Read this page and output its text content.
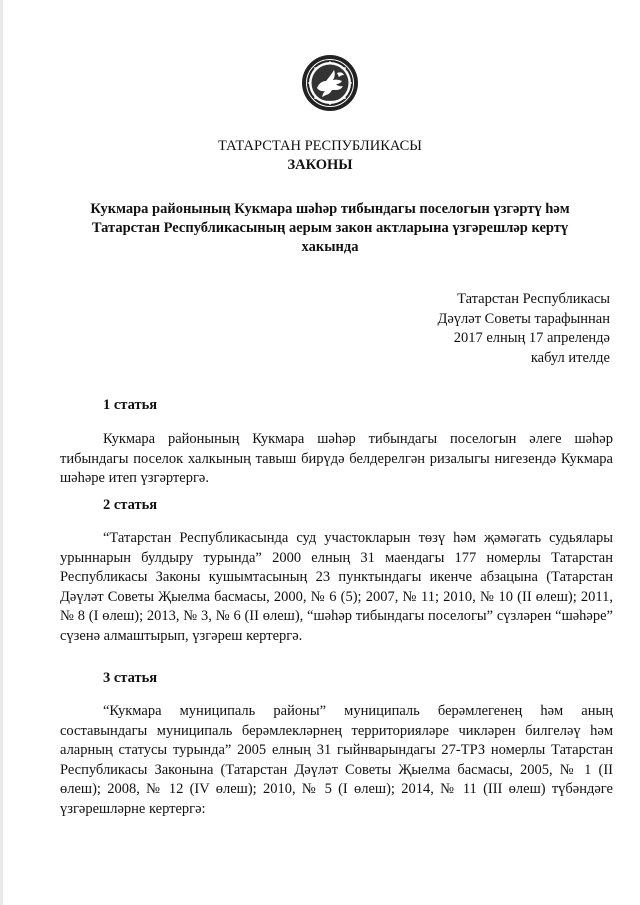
ТАТАРСТАН РЕСПУБЛИКАСЫ
ЗАКОНЫ
Кукмара районының Кукмара шәһәр тибындагы поселогын үзгәртү һәм
Татарстан Республикасының аерым закон актларына үзгәрешләр кертү
хакында
Татарстан Республикасы
Дәүләт Советы тарафыннан
2017 елның 17 апрелендә
кабул ителде
1 статья
Кукмара районының Кукмара шәһәр тибындагы поселогын әлеге шәһәр тибындагы поселок халкының тавыш бирүдә белдерелгән ризалыгы нигезендә Кукмара шәһәре итеп үзгәртергә.
2 статья
“Татарстан Республикасында суд участокларын төзү һәм җәмәгать судьялары урыннарын булдыру турында” 2000 елның 31 маендагы 177 номерлы Татарстан Республикасы Законы кушымтасының 23 пунктындагы икенче абзацына (Татарстан Дәүләт Советы Җыелма басмасы, 2000, № 6 (5); 2007, № 11; 2010, № 10 (II өлеш); 2011, № 8 (I өлеш); 2013, № 3, № 6 (II өлеш), “шәһәр тибындагы поселогы” сүзләрен “шәһәре” сүзенә алмаштырып, үзгәреш кертергә.
3 статья
“Кукмара муниципаль районы” муниципаль берәмлегенең һәм аның составындагы муниципаль берәмлекләрнең территорияләре чикләрен билгеләү һәм аларның статусы турында” 2005 елның 31 гыйнварындагы 27-ТРЗ номерлы Татарстан Республикасы Законына (Татарстан Дәүләт Советы Җыелма басмасы, 2005, № 1 (II өлеш); 2008, № 12 (IV өлеш); 2010, № 5 (I өлеш); 2014, № 11 (III өлеш) түбәндәге үзгәрешләрне кертергә:
